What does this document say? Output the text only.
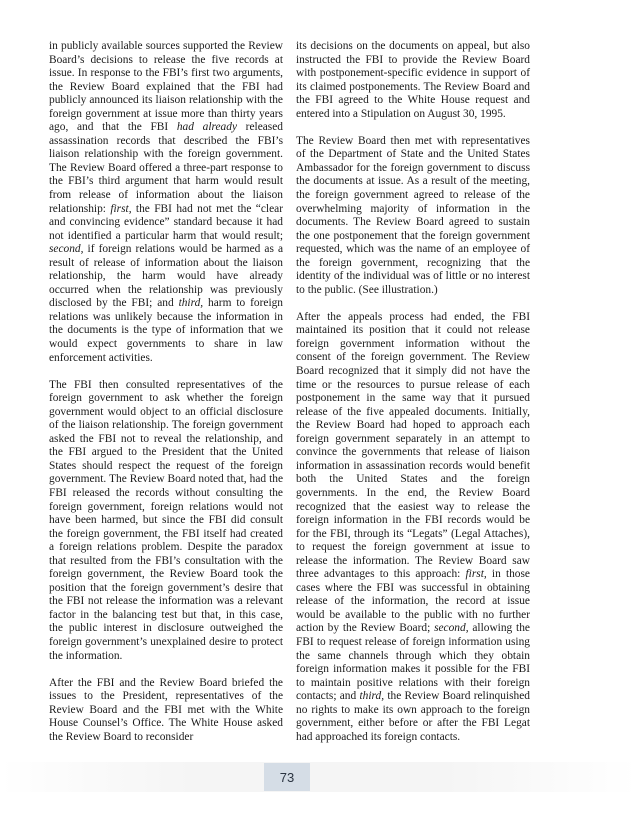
in publicly available sources supported the Review Board’s decisions to release the five records at issue. In response to the FBI’s first two arguments, the Review Board explained that the FBI had publicly announced its liaison relationship with the foreign government at issue more than thirty years ago, and that the FBI had already released assassination records that described the FBI’s liaison relationship with the foreign government. The Review Board offered a three-part response to the FBI’s third argument that harm would result from release of information about the liaison relationship: first, the FBI had not met the “clear and convincing evidence” standard because it had not identified a particular harm that would result; second, if foreign relations would be harmed as a result of release of information about the liaison relationship, the harm would have already occurred when the relationship was previously disclosed by the FBI; and third, harm to foreign relations was unlikely because the information in the documents is the type of information that we would expect governments to share in law enforcement activities.

The FBI then consulted representatives of the foreign government to ask whether the foreign government would object to an official disclosure of the liaison relationship. The foreign government asked the FBI not to reveal the relationship, and the FBI argued to the President that the United States should respect the request of the foreign government. The Review Board noted that, had the FBI released the records without consulting the foreign government, foreign relations would not have been harmed, but since the FBI did consult the foreign government, the FBI itself had created a foreign relations problem. Despite the paradox that resulted from the FBI’s consultation with the foreign government, the Review Board took the position that the foreign government’s desire that the FBI not release the information was a relevant factor in the balancing test but that, in this case, the public interest in disclosure outweighed the foreign government’s unexplained desire to protect the information.

After the FBI and the Review Board briefed the issues to the President, representatives of the Review Board and the FBI met with the White House Counsel’s Office. The White House asked the Review Board to reconsider

its decisions on the documents on appeal, but also instructed the FBI to provide the Review Board with postponement-specific evidence in support of its claimed postponements. The Review Board and the FBI agreed to the White House request and entered into a Stipulation on August 30, 1995.

The Review Board then met with representatives of the Department of State and the United States Ambassador for the foreign government to discuss the documents at issue. As a result of the meeting, the foreign government agreed to release of the overwhelming majority of information in the documents. The Review Board agreed to sustain the one postponement that the foreign government requested, which was the name of an employee of the foreign government, recognizing that the identity of the individual was of little or no interest to the public. (See illustration.)

After the appeals process had ended, the FBI maintained its position that it could not release foreign government information without the consent of the foreign government. The Review Board recognized that it simply did not have the time or the resources to pursue release of each postponement in the same way that it pursued release of the five appealed documents. Initially, the Review Board had hoped to approach each foreign government separately in an attempt to convince the governments that release of liaison information in assassination records would benefit both the United States and the foreign governments. In the end, the Review Board recognized that the easiest way to release the foreign information in the FBI records would be for the FBI, through its “Legats” (Legal Attaches), to request the foreign government at issue to release the information. The Review Board saw three advantages to this approach: first, in those cases where the FBI was successful in obtaining release of the information, the record at issue would be available to the public with no further action by the Review Board; second, allowing the FBI to request release of foreign information using the same channels through which they obtain foreign information makes it possible for the FBI to maintain positive relations with their foreign contacts; and third, the Review Board relinquished no rights to make its own approach to the foreign government, either before or after the FBI Legat had approached its foreign contacts.

73
